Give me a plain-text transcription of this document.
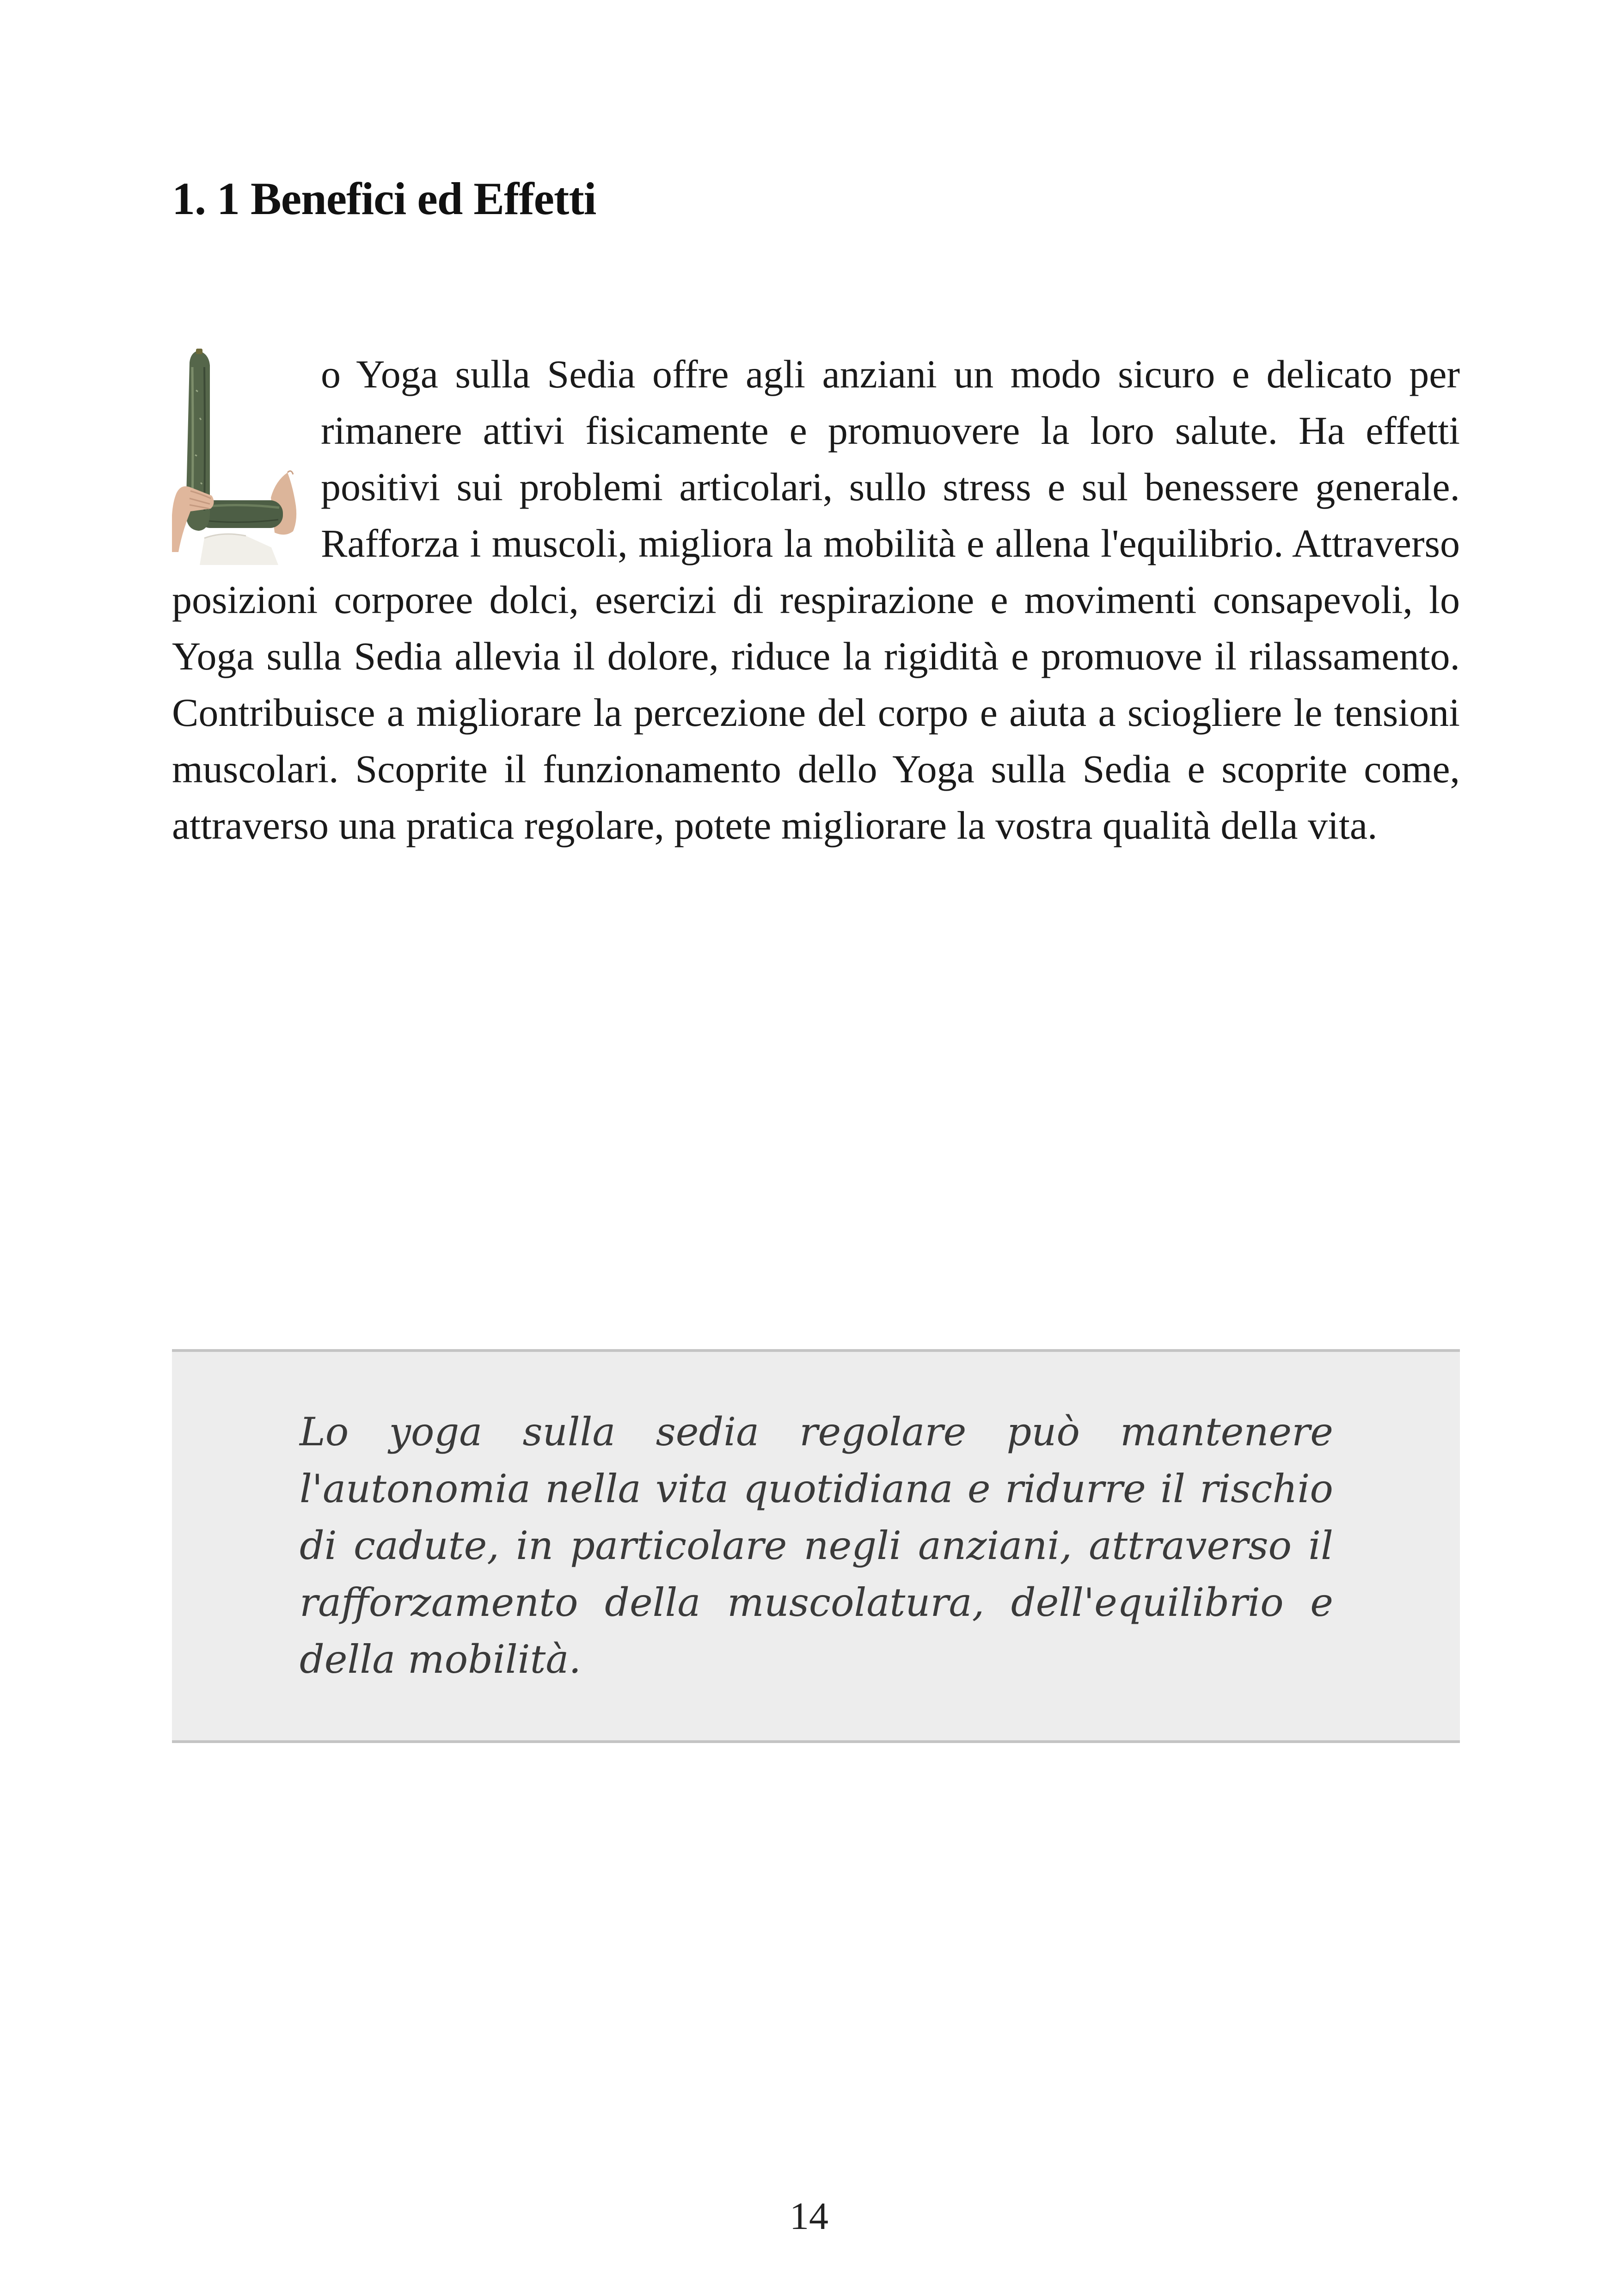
1. 1 Benefici ed Effetti

o Yoga sulla Sedia offre agli anziani un modo sicuro e delicato per rimanere attivi fisicamente e promuovere la loro salute. Ha effetti positivi sui problemi articolari, sullo stress e sul benessere generale. Rafforza i muscoli, migliora la mobilità e allena l'equilibrio. Attraverso posizioni corporee dolci, esercizi di respirazione e movimenti consapevoli, lo Yoga sulla Sedia allevia il dolore, riduce la rigidità e promuove il rilassamento. Contribuisce a migliorare la percezione del corpo e aiuta a sciogliere le tensioni muscolari. Scoprite il funzionamento dello Yoga sulla Sedia e scoprite come, attraverso una pratica regolare, potete migliorare la vostra qualità della vita.

Lo yoga sulla sedia regolare può mantenere l'autonomia nella vita quotidiana e ridurre il rischio di cadute, in particolare negli anziani, attraverso il rafforzamento della muscolatura, dell'equilibrio e della mobilità.

14
